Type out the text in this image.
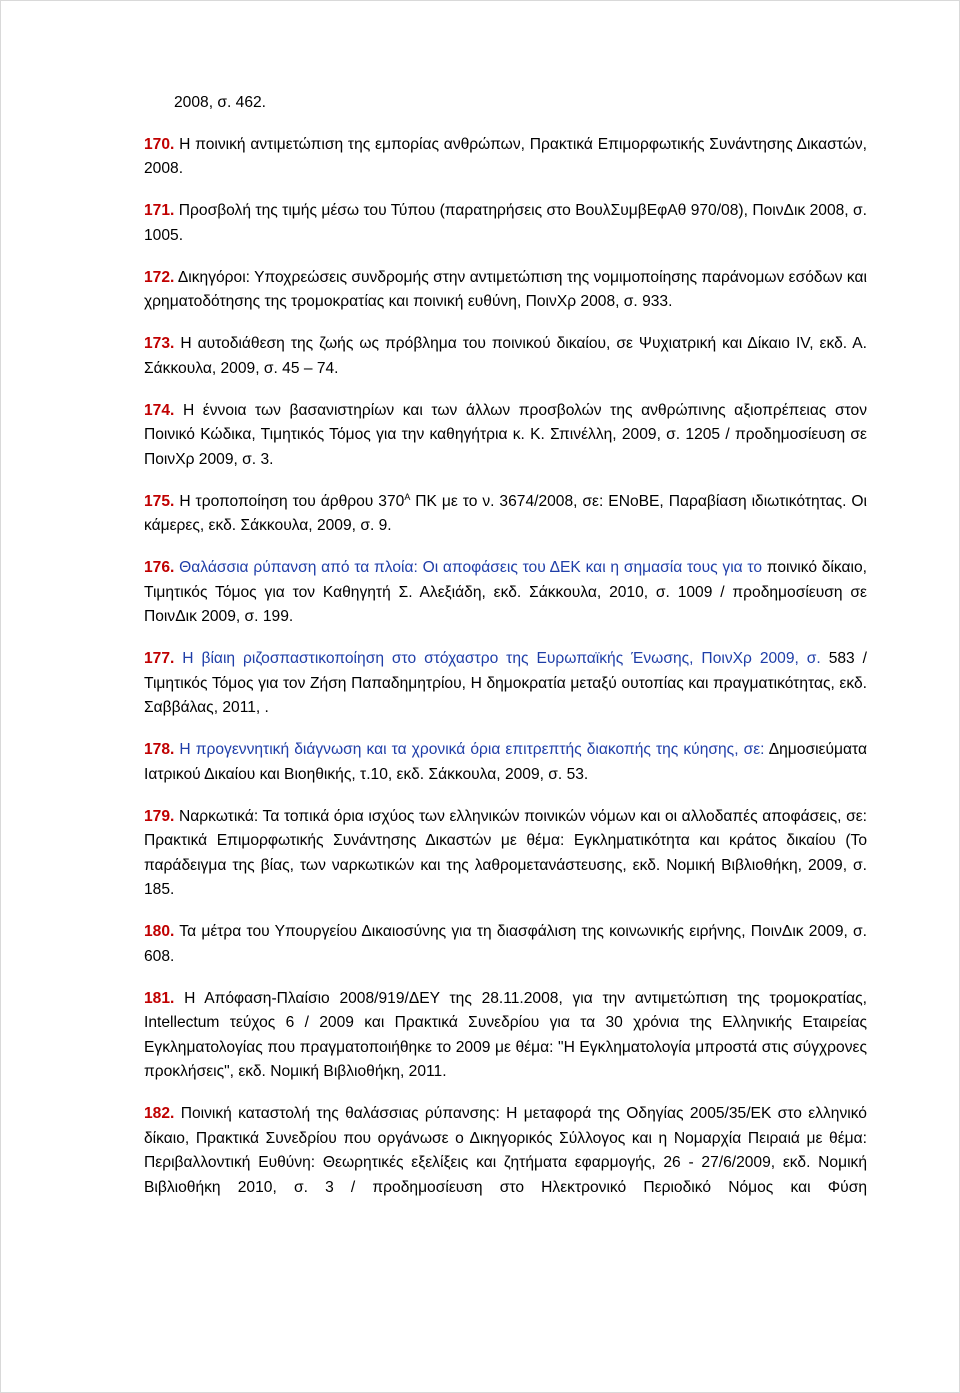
2008, σ. 462.

170. Η ποινική αντιμετώπιση της εμπορίας ανθρώπων, Πρακτικά Επιμορφωτικής Συνάντησης Δικαστών, 2008.

171. Προσβολή της τιμής μέσω του Τύπου (παρατηρήσεις στο ΒουλΣυμβΕφΑθ 970/08), ΠοινΔικ 2008, σ. 1005.

172. Δικηγόροι: Υποχρεώσεις συνδρομής στην αντιμετώπιση της νομιμοποίησης παράνομων εσόδων και χρηματοδότησης της τρομοκρατίας και ποινική ευθύνη, ΠοινΧρ 2008, σ. 933.

173. Η αυτοδιάθεση της ζωής ως πρόβλημα του ποινικού δικαίου, σε Ψυχιατρική και Δίκαιο IV, εκδ. Α. Σάκκουλα, 2009, σ. 45 – 74.

174. Η έννοια των βασανιστηρίων και των άλλων προσβολών της ανθρώπινης αξιοπρέπειας στον Ποινικό Κώδικα, Τιμητικός Τόμος για την καθηγήτρια κ. Κ. Σπινέλλη, 2009, σ. 1205 / προδημοσίευση σε ΠοινΧρ 2009, σ. 3.

175. Η τροποποίηση του άρθρου $370^A$ ΠΚ με το ν. 3674/2008, σε: ΕΝοΒΕ, Παραβίαση ιδιωτικότητας. Οι κάμερες, εκδ. Σάκκουλα, 2009, σ. 9.

176. Θαλάσσια ρύπανση από τα πλοία: Οι αποφάσεις του ΔΕΚ και η σημασία τους για το ποινικό δίκαιο, Τιμητικός Τόμος για τον Καθηγητή Σ. Αλεξιάδη, εκδ. Σάκκουλα, 2010, σ. 1009 / προδημοσίευση σε ΠοινΔικ 2009, σ. 199.

177. Η βίαιη ριζοσπαστικοποίηση στο στόχαστρο της Ευρωπαϊκής Ένωσης, ΠοινΧρ 2009, σ. 583 / Τιμητικός Τόμος για τον Ζήση Παπαδημητρίου, Η δημοκρατία μεταξύ ουτοπίας και πραγματικότητας, εκδ. Σαββάλας, 2011, .

178. Η προγεννητική διάγνωση και τα χρονικά όρια επιτρεπτής διακοπής της κύησης, σε: Δημοσιεύματα Ιατρικού Δικαίου και Βιοηθικής, τ.10, εκδ. Σάκκουλα, 2009, σ. 53.

179. Ναρκωτικά: Τα τοπικά όρια ισχύος των ελληνικών ποινικών νόμων και οι αλλοδαπές αποφάσεις, σε: Πρακτικά Επιμορφωτικής Συνάντησης Δικαστών με θέμα: Εγκληματικότητα και κράτος δικαίου (Το παράδειγμα της βίας, των ναρκωτικών και της λαθρομετανάστευσης, εκδ. Νομική Βιβλιοθήκη, 2009, σ. 185.

180. Τα μέτρα του Υπουργείου Δικαιοσύνης για τη διασφάλιση της κοινωνικής ειρήνης, ΠοινΔικ 2009, σ. 608.

181. Η Απόφαση-Πλαίσιο 2008/919/ΔΕΥ της 28.11.2008, για την αντιμετώπιση της τρομοκρατίας, Intellectum τεύχος 6 / 2009 και Πρακτικά Συνεδρίου για τα 30 χρόνια της Ελληνικής Εταιρείας Εγκληματολογίας που πραγματοποιήθηκε το 2009 με θέμα: "Η Εγκληματολογία μπροστά στις σύγχρονες προκλήσεις", εκδ. Νομική Βιβλιοθήκη, 2011.

182. Ποινική καταστολή της θαλάσσιας ρύπανσης: Η μεταφορά της Οδηγίας 2005/35/ΕΚ στο ελληνικό δίκαιο, Πρακτικά Συνεδρίου που οργάνωσε ο Δικηγορικός Σύλλογος και η Νομαρχία Πειραιά με θέμα: Περιβαλλοντική Ευθύνη: Θεωρητικές εξελίξεις και ζητήματα εφαρμογής, 26 - 27/6/2009, εκδ. Νομική Βιβλιοθήκη 2010, σ. 3 / προδημοσίευση στο Ηλεκτρονικό Περιοδικό Νόμος και Φύση
